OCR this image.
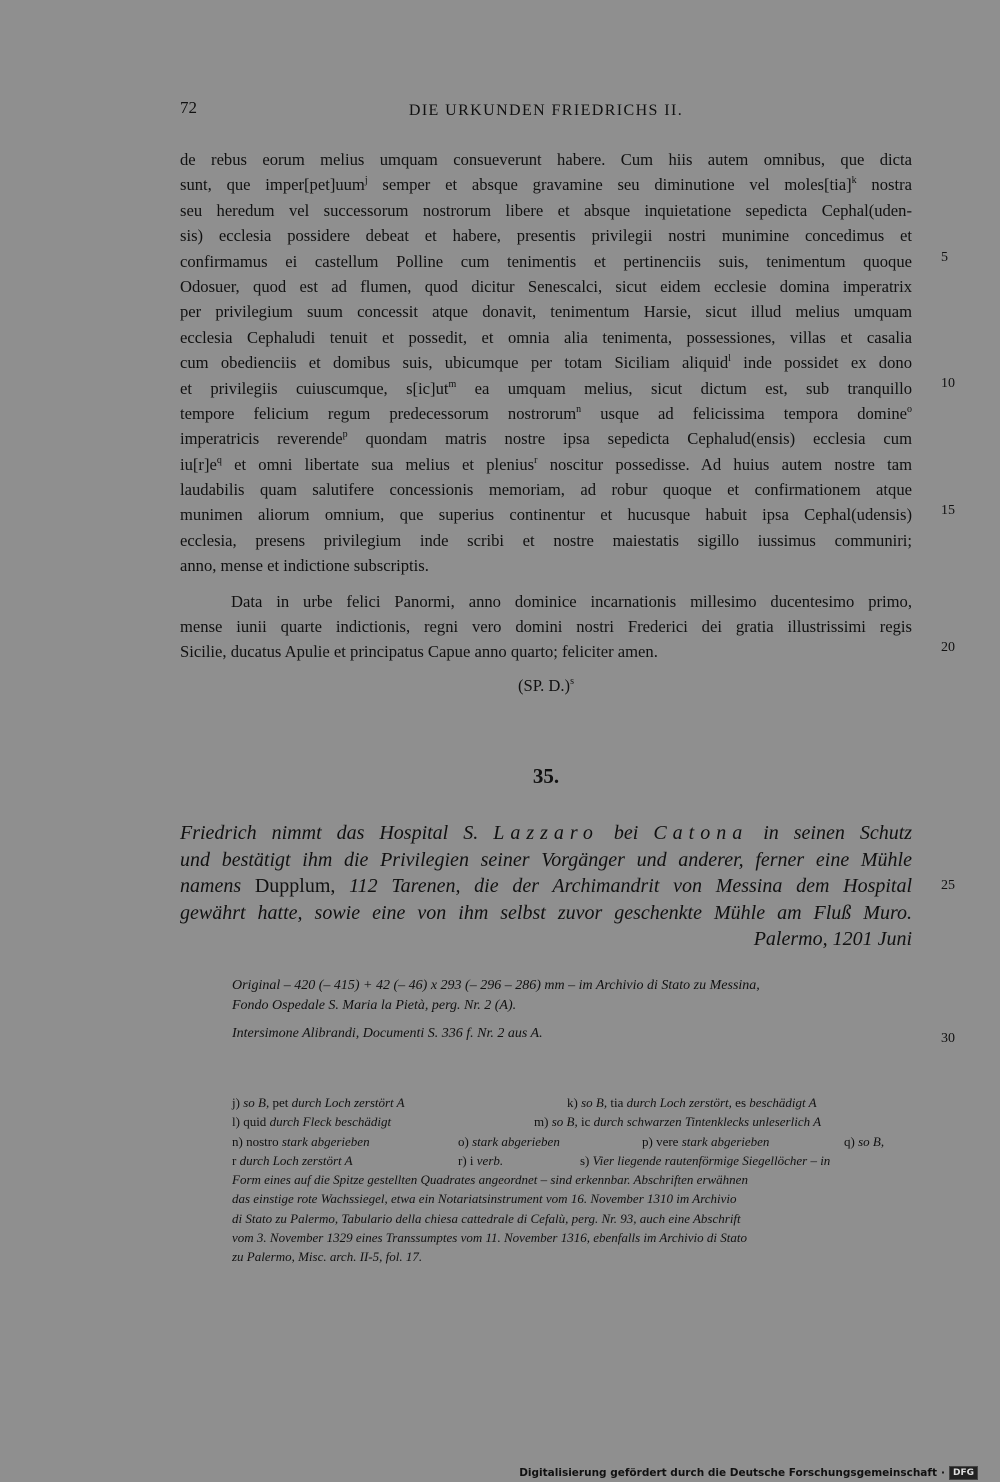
72	DIE URKUNDEN FRIEDRICHS II.
de rebus eorum melius umquam consueverunt habere. Cum hiis autem omnibus, que dicta
sunt, que imper[pet]uum$^j$ semper et absque gravamine seu diminutione vel moles[tia]$^k$ nostra
seu heredum vel successorum nostrorum libere et absque inquietatione sepedicta Cephal(uden-
sis) ecclesia possidere debeat et habere, presentis privilegii nostri munimine concedimus et
confirmamus ei castellum Polline cum tenimentis et pertinenciis suis, tenimentum quoque
Odosuer, quod est ad flumen, quod dicitur Senescalci, sicut eidem ecclesie domina imperatrix
per privilegium suum concessit atque donavit, tenimentum Harsie, sicut illud melius umquam
ecclesia Cephaludi tenuit et possedit, et omnia alia tenimenta, possessiones, villas et casalia
cum obedienciis et domibus suis, ubicumque per totam Siciliam aliquid$^l$ inde possidet ex dono
et privilegiis cuiuscumque, $s[ic]ut^m$ ea umquam melius, sicut dictum est, sub tranquillo
tempore felicium regum predecessorum nostrorum$^n$ usque ad felicissima tempora domine$^o$
imperatricis reverende$^p$ quondam matris nostre ipsa sepedicta Cephalud(ensis) ecclesia cum
$iu[r]e^q$ et omni libertate sua melius et plenius$^r$ noscitur possedisse. Ad huius autem nostre tam
laudabilis quam salutifere concessionis memoriam, ad robur quoque et confirmationem atque
munimen aliorum omnium, que superius continentur et hucusque habuit ipsa Cephal(udensis)
ecclesia, presens privilegium inde scribi et nostre maiestatis sigillo iussimus communiri;
anno, mense et indictione subscriptis.
Data in urbe felici Panormi, anno dominice incarnationis millesimo ducentesimo primo,
mense iunii quarte indictionis, regni vero domini nostri Frederici dei gratia illustrissimi regis
Sicilie, ducatus Apulie et principatus Capue anno quarto; feliciter amen.
(SP. D.)$^s$
5
10
15
20
25
30
35.
Friedrich nimmt das Hospital S. Lazzaro bei Catona in seinen Schutz
und bestätigt ihm die Privilegien seiner Vorgänger und anderer, ferner eine Mühle
namens Dupplum, 112 Tarenen, die der Archimandrit von Messina dem Hospital
gewährt hatte, sowie eine von ihm selbst zuvor geschenkte Mühle am Fluß Muro.
Palermo, 1201 Juni
Original – 420 (– 415) + 42 (– 46) x 293 (– 296 – 286) mm – im Archivio di Stato zu Messina,
Fondo Ospedale S. Maria la Pietà, perg. Nr. 2 (A).
Intersimone Alibrandi, Documenti S. 336 f. Nr. 2 aus A.
j) so B, pet durch Loch zerstört A	k) so B, tia durch Loch zerstört, es beschädigt A
l) quid durch Fleck beschädigt	m) so B, ic durch schwarzen Tintenklecks unleserlich A
n) nostro stark abgerieben	o) stark abgerieben	p) vere stark abgerieben	q) so B,
r durch Loch zerstört A	r) i verb.	s) Vier liegende rautenförmige Siegellöcher – in
Form eines auf die Spitze gestellten Quadrates angeordnet – sind erkennbar. Abschriften erwähnen
das einstige rote Wachssiegel, etwa ein Notariatsinstrument vom 16. November 1310 im Archivio
di Stato zu Palermo, Tabulario della chiesa cattedrale di Cefalù, perg. Nr. 93, auch eine Abschrift
vom 3. November 1329 eines Transsumptes vom 11. November 1316, ebenfalls im Archivio di Stato
zu Palermo, Misc. arch. II-5, fol. 17.
Digitalisierung gefördert durch die Deutsche Forschungsgemeinschaft · DFG
